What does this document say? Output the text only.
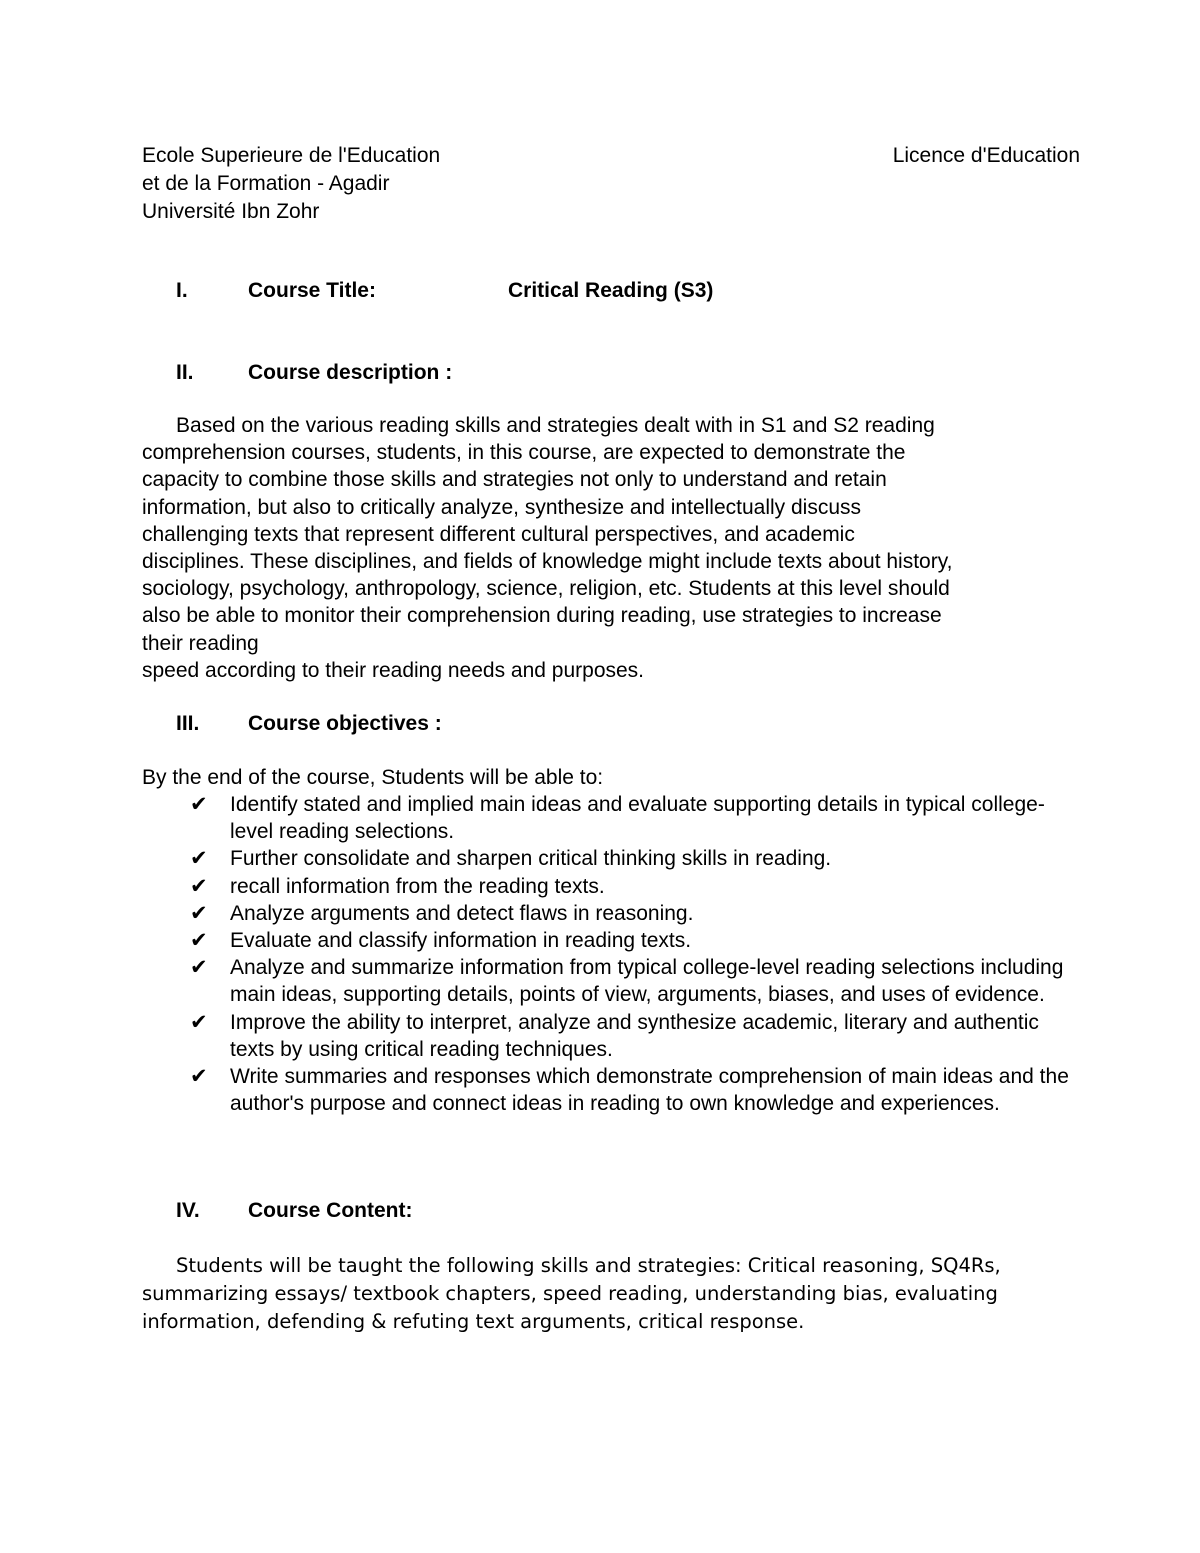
Ecole Superieure de l'Education
et de la Formation - Agadir
Université Ibn Zohr
Licence d'Education
I.	Course Title:	Critical Reading (S3)
II.	Course description :

Based on the various reading skills and strategies dealt with in S1 and S2 reading
comprehension courses, students, in this course, are expected to demonstrate the
capacity to combine those skills and strategies not only to understand and retain
information, but also to critically analyze, synthesize and intellectually discuss
challenging texts that represent different cultural perspectives, and academic
disciplines. These disciplines, and fields of knowledge might include texts about history,
sociology, psychology, anthropology, science, religion, etc. Students at this level should
also be able to monitor their comprehension during reading, use strategies to increase
their reading

speed according to their reading needs and purposes.

III. Course objectives :
By the end of the course, Students will be able to:
✔ Identify stated and implied main ideas and evaluate supporting details in typical college- level reading selections.
✔ Further consolidate and sharpen critical thinking skills in reading.
✔ recall information from the reading texts.
✔ Analyze arguments and detect flaws in reasoning.
✔ Evaluate and classify information in reading texts.
✔ Analyze and summarize information from typical college-level reading selections including main ideas, supporting details, points of view, arguments, biases, and uses of evidence.
✔ Improve the ability to interpret, analyze and synthesize academic, literary and authentic texts by using critical reading techniques.
✔ Write summaries and responses which demonstrate comprehension of main ideas and the author's purpose and connect ideas in reading to own knowledge and experiences.
IV. Course Content:

Students will be taught the following skills and strategies: Critical reasoning, SQ4Rs, summarizing essays/ textbook chapters, speed reading, understanding bias, evaluating information, defending & refuting text arguments, critical response.
